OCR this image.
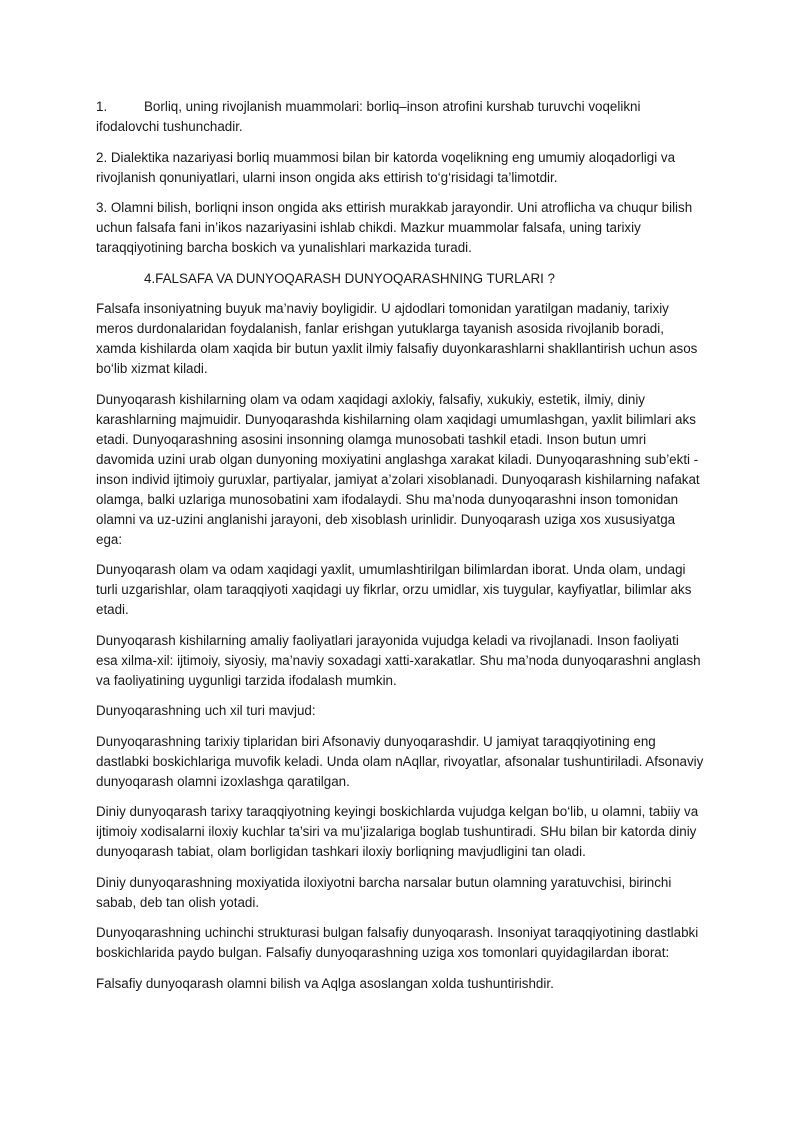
1.	Borliq, uning rivojlanish muammolari: borliq–inson atrofini kurshab turuvchi voqelikni
ifodalovchi tushunchadir.

2. Dialektika nazariyasi borliq muammosi bilan bir katorda voqelikning eng umumiy aloqadorligi va rivojlanish qonuniyatlari, ularni inson ongida aks ettirish to‘g‘risidagi ta’limotdir.

3. Olamni bilish, borliqni inson ongida aks ettirish murakkab jarayondir. Uni atroflicha va chuqur bilish uchun falsafa fani in’ikos nazariyasini ishlab chikdi. Mazkur muammolar falsafa, uning tarixiy taraqqiyotining barcha boskich va yunalishlari markazida turadi.

4.FALSAFA VA DUNYOQARASH DUNYOQARASHNING TURLARI ?

Falsafa insoniyatning buyuk ma’naviy boyligidir. U ajdodlari tomonidan yaratilgan madaniy, tarixiy meros durdonalaridan foydalanish, fanlar erishgan yutuklarga tayanish asosida rivojlanib boradi, xamda kishilarda olam xaqida bir butun yaxlit ilmiy falsafiy duyonkarashlarni shakllantirish uchun asos bo‘lib xizmat kiladi.

Dunyoqarash kishilarning olam va odam xaqidagi axlokiy, falsafiy, xukukiy, estetik, ilmiy, diniy karashlarning majmuidir. Dunyoqarashda kishilarning olam xaqidagi umumlashgan, yaxlit bilimlari aks etadi. Dunyoqarashning asosini insonning olamga munosobati tashkil etadi. Inson butun umri davomida uzini urab olgan dunyoning moxiyatini anglashga xarakat kiladi. Dunyoqarashning sub’ekti - inson individ ijtimoiy guruxlar, partiyalar, jamiyat a’zolari xisoblanadi. Dunyoqarash kishilarning nafakat olamga, balki uzlariga munosobatini xam ifodalaydi. Shu ma’noda dunyoqarashni inson tomonidan olamni va uz-uzini anglanishi jarayoni, deb xisoblash urinlidir. Dunyoqarash uziga xos xususiyatga ega:

Dunyoqarash olam va odam xaqidagi yaxlit, umumlashtirilgan bilimlardan iborat. Unda olam, undagi turli uzgarishlar, olam taraqqiyoti xaqidagi uy fikrlar, orzu umidlar, xis tuygular, kayfiyatlar, bilimlar aks etadi.

Dunyoqarash kishilarning amaliy faoliyatlari jarayonida vujudga keladi va rivojlanadi. Inson faoliyati esa xilma-xil: ijtimoiy, siyosiy, ma’naviy soxadagi xatti-xarakatlar. Shu ma’noda dunyoqarashni anglash va faoliyatining uygunligi tarzida ifodalash mumkin.

Dunyoqarashning uch xil turi mavjud:

Dunyoqarashning tarixiy tiplaridan biri Afsonaviy dunyoqarashdir. U jamiyat taraqqiyotining eng dastlabki boskichlariga muvofik keladi. Unda olam nAqllar, rivoyatlar, afsonalar tushuntiriladi. Afsonaviy dunyoqarash olamni izoxlashga qaratilgan.

Diniy dunyoqarash tarixy taraqqiyotning keyingi boskichlarda vujudga kelgan bo‘lib, u olamni, tabiiy va ijtimoiy xodisalarni iloxiy kuchlar ta’siri va mu’jizalariga boglab tushuntiradi. SHu bilan bir katorda diniy dunyoqarash tabiat, olam borligidan tashkari iloxiy borliqning mavjudligini tan oladi.

Diniy dunyoqarashning moxiyatida iloxiyotni barcha narsalar butun olamning yaratuvchisi, birinchi sabab, deb tan olish yotadi.

Dunyoqarashning uchinchi strukturasi bulgan falsafiy dunyoqarash. Insoniyat taraqqiyotining dastlabki boskichlarida paydo bulgan. Falsafiy dunyoqarashning uziga xos tomonlari quyidagilardan iborat:

Falsafiy dunyoqarash olamni bilish va Aqlga asoslangan xolda tushuntirishdir.
